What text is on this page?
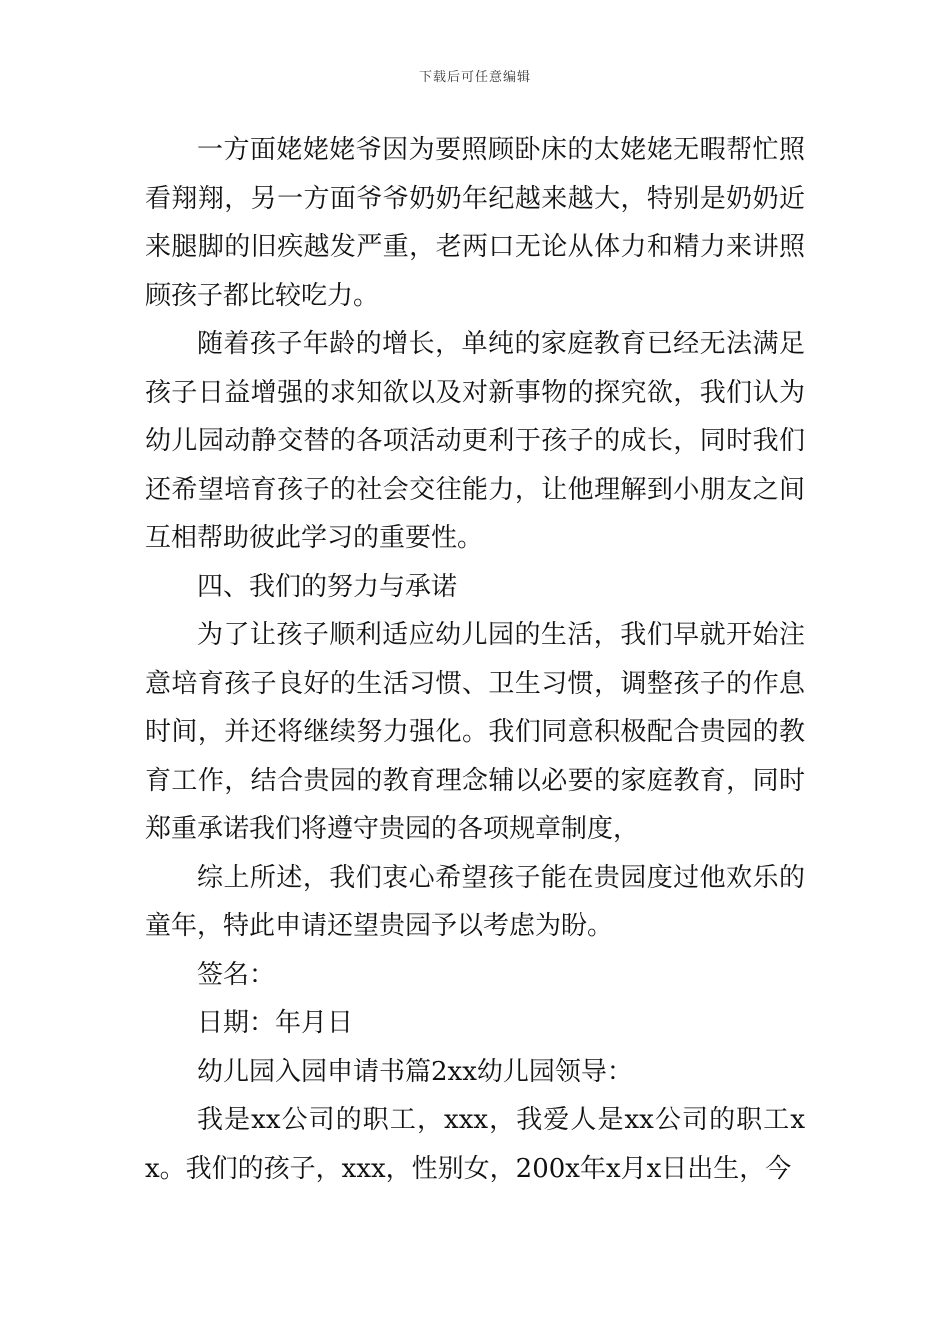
下载后可任意编辑

一方面姥姥姥爷因为要照顾卧床的太姥姥无暇帮忙照看翔翔，另一方面爷爷奶奶年纪越来越大，特别是奶奶近来腿脚的旧疾越发严重，老两口无论从体力和精力来讲照顾孩子都比较吃力。

随着孩子年龄的增长，单纯的家庭教育已经无法满足孩子日益增强的求知欲以及对新事物的探究欲，我们认为幼儿园动静交替的各项活动更利于孩子的成长，同时我们还希望培育孩子的社会交往能力，让他理解到小朋友之间互相帮助彼此学习的重要性。

四、我们的努力与承诺

为了让孩子顺利适应幼儿园的生活，我们早就开始注意培育孩子良好的生活习惯、卫生习惯，调整孩子的作息时间，并还将继续努力强化。我们同意积极配合贵园的教育工作，结合贵园的教育理念辅以必要的家庭教育，同时郑重承诺我们将遵守贵园的各项规章制度，

综上所述，我们衷心希望孩子能在贵园度过他欢乐的童年，特此申请还望贵园予以考虑为盼。

签名：

日期：年月日

幼儿园入园申请书篇2xx幼儿园领导：

我是xx公司的职工，xxx，我爱人是xx公司的职工xx。我们的孩子，xxx，性别女，200x年x月x日出生，今
